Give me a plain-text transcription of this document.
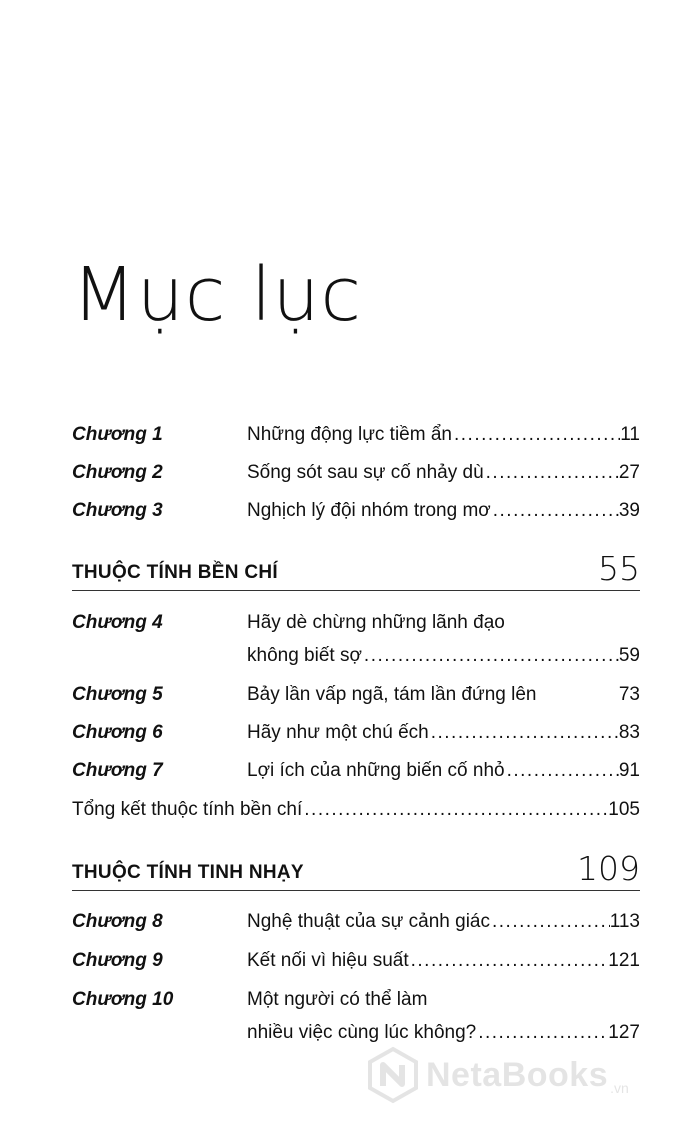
Mục lục
Chương 1	Những động lực tiềm ẩn .....	11
Chương 2	Sống sót sau sự cố nhảy dù .....	27
Chương 3	Nghịch lý đội nhóm trong mơ .....	39
THUỘC TÍNH BỀN CHÍ	55
Chương 4	Hãy dè chừng những lãnh đạo
không biết sợ .....	59
Chương 5	Bảy lần vấp ngã, tám lần đứng lên	73
Chương 6	Hãy như một chú ếch .....	83
Chương 7	Lợi ích của những biến cố nhỏ .....	91
Tổng kết thuộc tính bền chí .....	105
THUỘC TÍNH TINH NHẠY	109
Chương 8	Nghệ thuật của sự cảnh giác .....	113
Chương 9	Kết nối vì hiệu suất .....	121
Chương 10	Một người có thể làm
nhiều việc cùng lúc không? .....	127
NetaBooks .vn
